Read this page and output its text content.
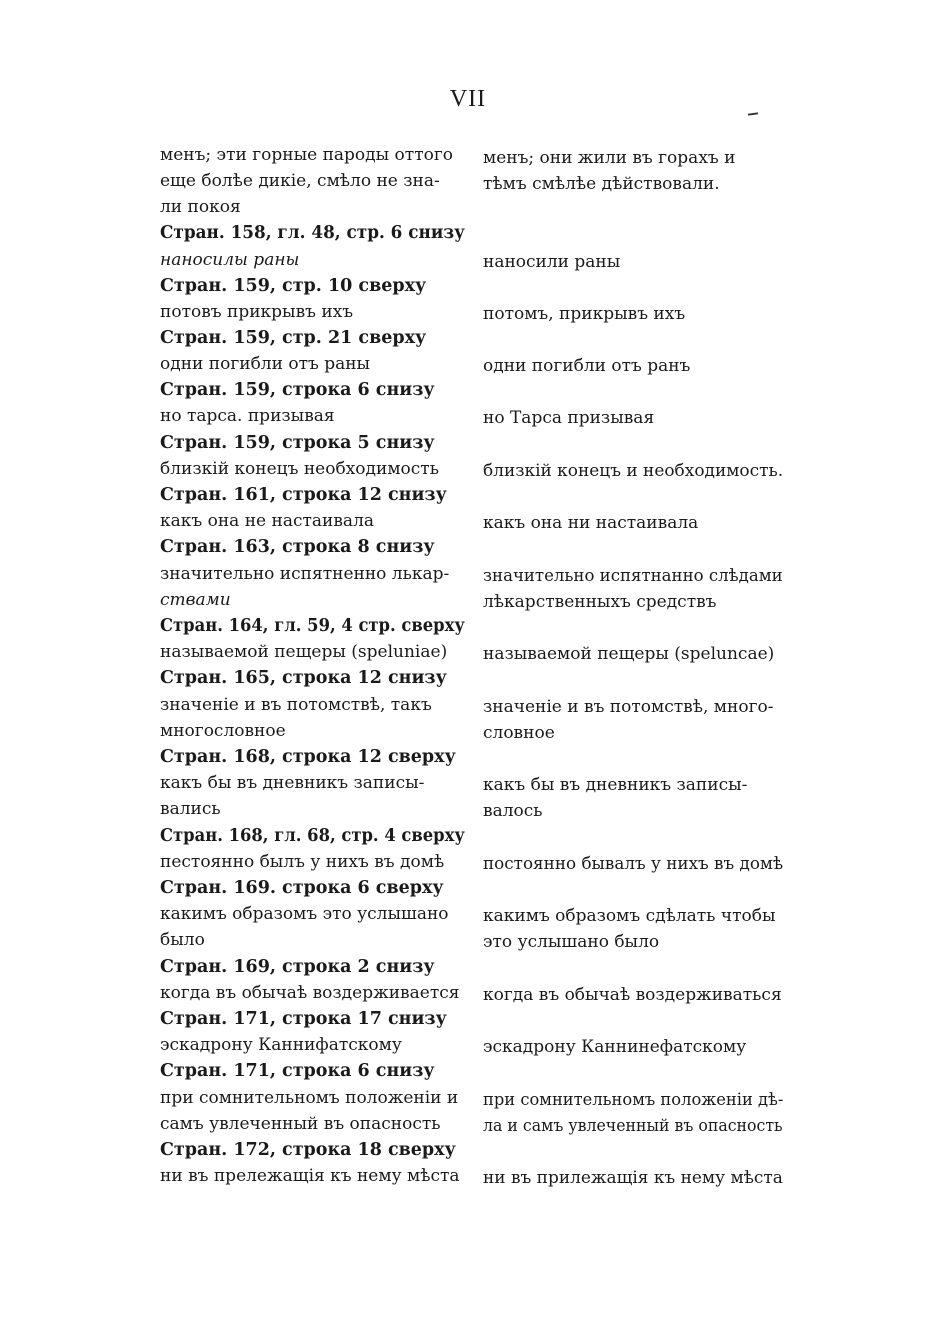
VII
менъ; эти горные пароды оттого
еще болѣе дикіе, смѣло не зна-
ли покоя
Стран. 158, гл. 48, стр. 6 снизу
наносилы раны
Стран. 159, стр. 10 сверху
потовъ прикрывъ ихъ
Стран. 159, стр. 21 сверху
одни погибли отъ раны
Стран. 159, строка 6 снизу
но тарса. призывая
Стран. 159, строка 5 снизу
близкій конецъ необходимость
Стран. 161, строка 12 снизу
какъ она не настаивала
Стран. 163, строка 8 снизу
значительно испятненно лькар-
ствами
Стран. 164, гл. 59, 4 стр. сверху
называемой пещеры (speluniae)
Стран. 165, строка 12 снизу
значеніе и въ потомствѣ, такъ
многословное
Стран. 168, строка 12 сверху
какъ бы въ дневникъ записы-
вались
Стран. 168, гл. 68, стр. 4 сверху
пестоянно былъ у нихъ въ домѣ
Стран. 169. строка 6 сверху
какимъ образомъ это услышано
было
Стран. 169, строка 2 снизу
когда въ обычаѣ воздерживается
Стран. 171, строка 17 снизу
эскадрону Каннифатскому
Стран. 171, строка 6 снизу
при сомнительномъ положеніи и
самъ увлеченный въ опасность
Стран. 172, строка 18 сверху
ни въ прележащія къ нему мѣста
менъ; они жили въ горахъ и
тѣмъ смѣлѣе дѣйствовали.
наносили раны
потомъ, прикрывъ ихъ
одни погибли отъ ранъ
но Тарса призывая
близкій конецъ и необходимость.
какъ она ни настаивала
значительно испятнанно слѣдами
лѣкарственныхъ средствъ
называемой пещеры (speluncae)
значеніе и въ потомствѣ, много-
словное
какъ бы въ дневникъ записы-
валось
постоянно бывалъ у нихъ въ домѣ
какимъ образомъ сдѣлать чтобы
это услышано было
когда въ обычаѣ воздерживаться
эскадрону Каннинефатскому
при сомнительномъ положеніи дѣ-
ла и самъ увлеченный въ опасность
ни въ прилежащія къ нему мѣста
